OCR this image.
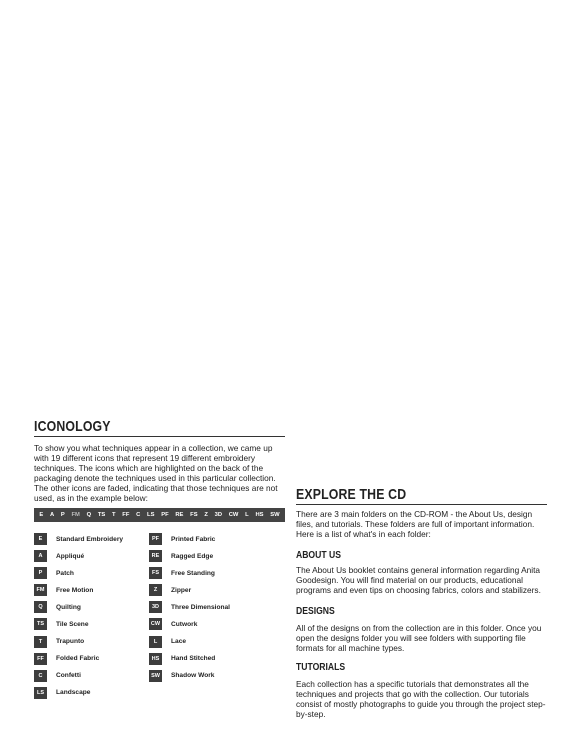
ICONOLOGY

To show you what techniques appear in a collection, we came up with 19 different icons that represent 19 different embroidery techniques. The icons which are highlighted on the back of the packaging denote the techniques used in this particular collection. The other icons are faded, indicating that those techniques are not used, as in the example below:

E A P FM Q TS T FF C LS PF RE FS Z 3D CW L HS SW
E	Standard Embroidery
A	Appliqué
P	Patch
FM	Free Motion
Q	Quilting
TS	Tile Scene
T	Trapunto
FF	Folded Fabric
C	Confetti
LS	Landscape
PF	Printed Fabric
RE	Ragged Edge
FS	Free Standing
Z	Zipper
3D	Three Dimensional
CW Cutwork
L	Lace
HS	Hand Stitched
SW	Shadow Work
EXPLORE THE CD

There are 3 main folders on the CD-ROM - the About Us, design files, and tutorials. These folders are full of important information. Here is a list of what's in each folder:

ABOUT US

The About Us booklet contains general information regarding Anita Goodesign. You will find material on our products, educational programs and even tips on choosing fabrics, colors and stabilizers.

DESIGNS

All of the designs on from the collection are in this folder. Once you open the designs folder you will see folders with supporting file formats for all machine types.

TUTORIALS

Each collection has a specific tutorials that demonstrates all the techniques and projects that go with the collection. Our tutorials consist of mostly photographs to guide you through the project step-by-step.
